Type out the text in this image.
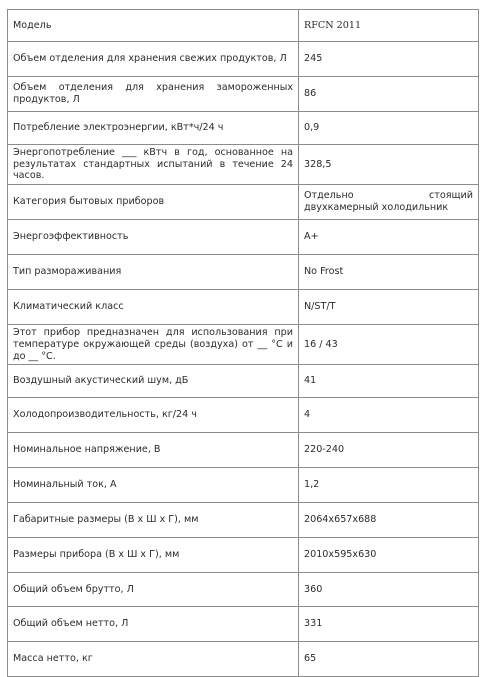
Модель	RFCN 2011
Объем отделения для хранения свежих продуктов, Л	245
Объем отделения для хранения замороженных продуктов, Л	86
Потребление электроэнергии, кВт*ч/24 ч	0,9
Энергопотребление ___ кВтч в год, основанное на результатах стандартных испытаний в течение 24 часов.	328,5
Категория бытовых приборов	Отдельно стоящий двухкамерный холодильник
Энергоэффективность	A+
Тип размораживания	No Frost
Климатический класс	N/ST/T
Этот прибор предназначен для использования при температуре окружающей среды (воздуха) от __ °C и до __ °C.	16 / 43
Воздушный акустический шум, дБ	41
Холодопроизводительность, кг/24 ч	4
Номинальное напряжение, В	220-240
Номинальный ток, А	1,2
Габаритные размеры (В х Ш х Г), мм	2064x657x688
Размеры прибора (В х Ш х Г), мм	2010x595x630
Общий объем брутто, Л	360
Общий объем нетто, Л	331
Масса нетто, кг	65
